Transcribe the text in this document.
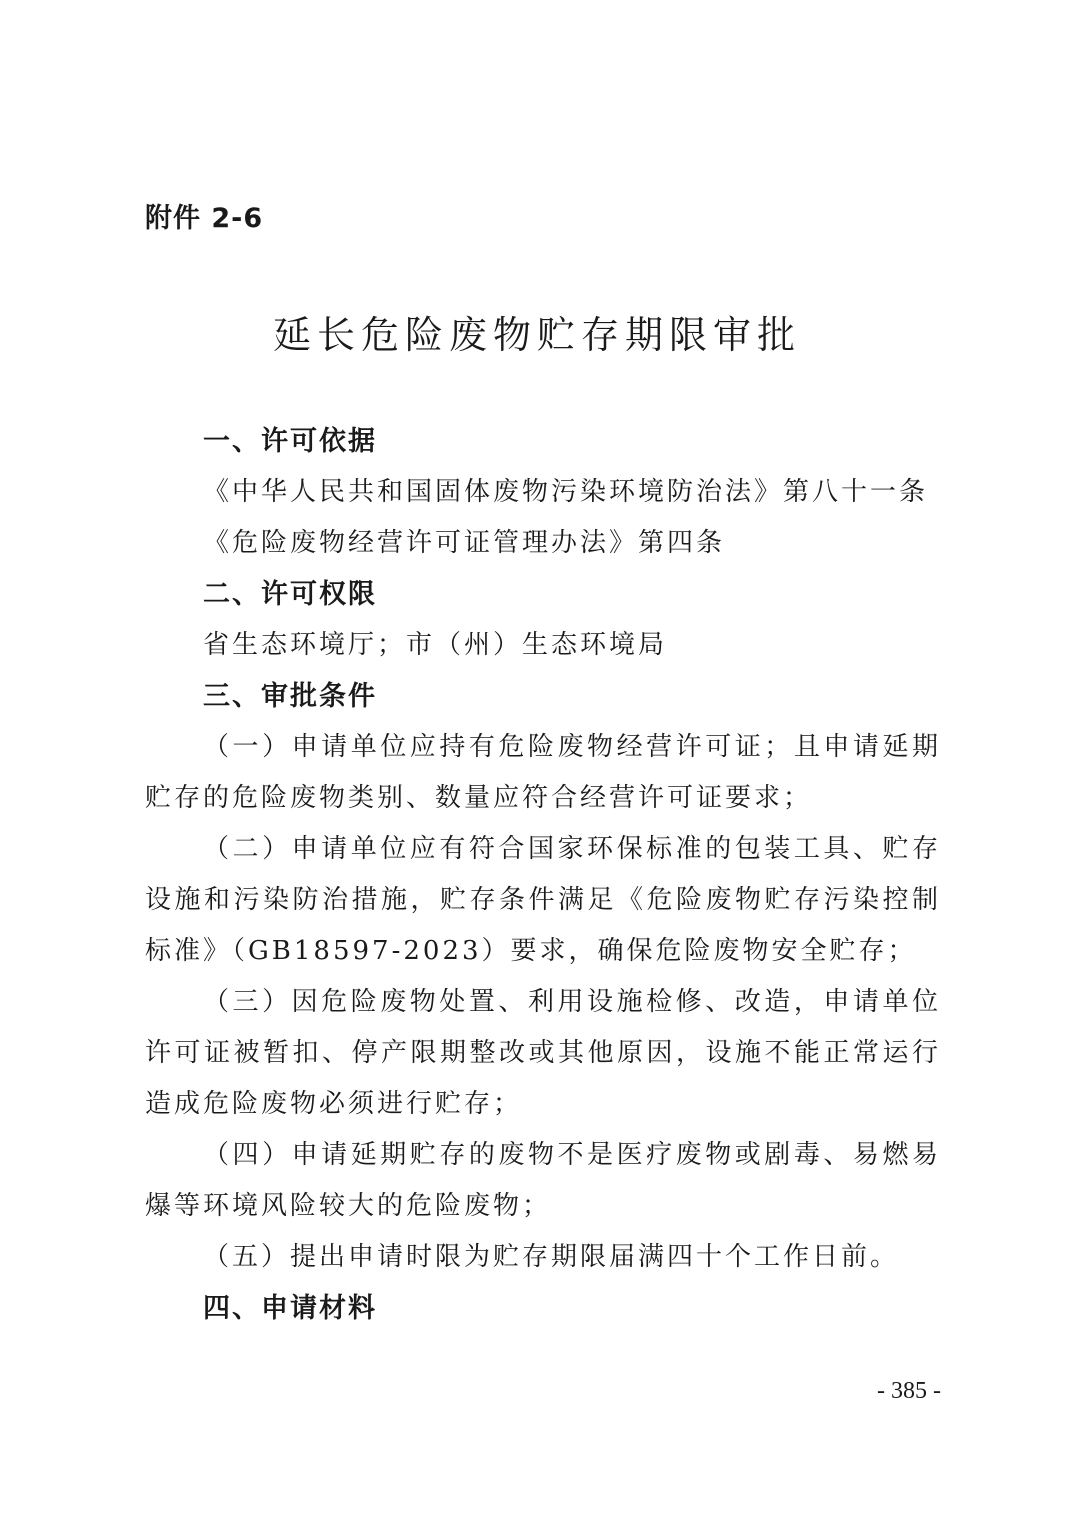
附件 2-6
延长危险废物贮存期限审批
一、许可依据
《中华人民共和国固体废物污染环境防治法》第八十一条
《危险废物经营许可证管理办法》第四条
二、许可权限
省生态环境厅；市（州）生态环境局
三、审批条件

（一）申请单位应持有危险废物经营许可证；且申请延期贮存的危险废物类别、数量应符合经营许可证要求；

（二）申请单位应有符合国家环保标准的包装工具、贮存设施和污染防治措施，贮存条件满足《危险废物贮存污染控制标准》（GB18597-2023）要求，确保危险废物安全贮存；

（三）因危险废物处置、利用设施检修、改造，申请单位许可证被暂扣、停产限期整改或其他原因，设施不能正常运行造成危险废物必须进行贮存；

（四）申请延期贮存的废物不是医疗废物或剧毒、易燃易爆等环境风险较大的危险废物；

（五）提出申请时限为贮存期限届满四十个工作日前。

四、申请材料
- 385 -
